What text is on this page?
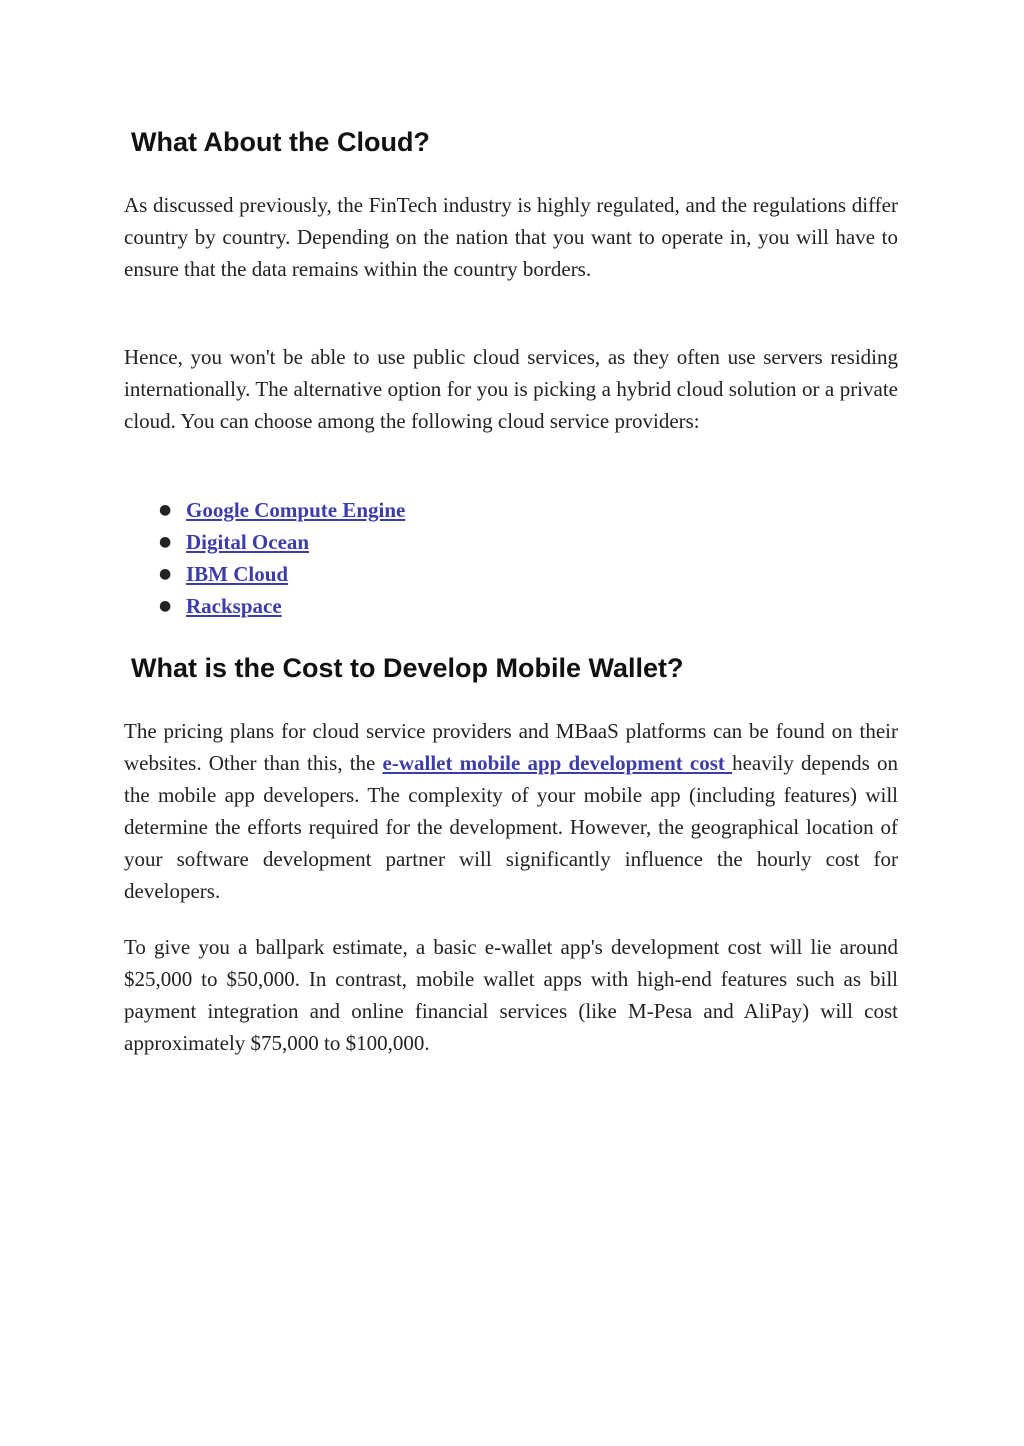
What About the Cloud?

As discussed previously, the FinTech industry is highly regulated, and the regulations differ country by country. Depending on the nation that you want to operate in, you will have to ensure that the data remains within the country borders.

Hence, you won't be able to use public cloud services, as they often use servers residing internationally. The alternative option for you is picking a hybrid cloud solution or a private cloud. You can choose among the following cloud service providers:

● Google Compute Engine
● Digital Ocean
● IBM Cloud
● Rackspace
What is the Cost to Develop Mobile Wallet?

The pricing plans for cloud service providers and MBaaS platforms can be found on their websites. Other than this, the e-wallet mobile app development cost heavily depends on the mobile app developers. The complexity of your mobile app (including features) will determine the efforts required for the development. However, the geographical location of your software development partner will significantly influence the hourly cost for developers.

To give you a ballpark estimate, a basic e-wallet app's development cost will lie around $25,000 to $50,000. In contrast, mobile wallet apps with high-end features such as bill payment integration and online financial services (like M-Pesa and AliPay) will cost approximately $75,000 to $100,000.
